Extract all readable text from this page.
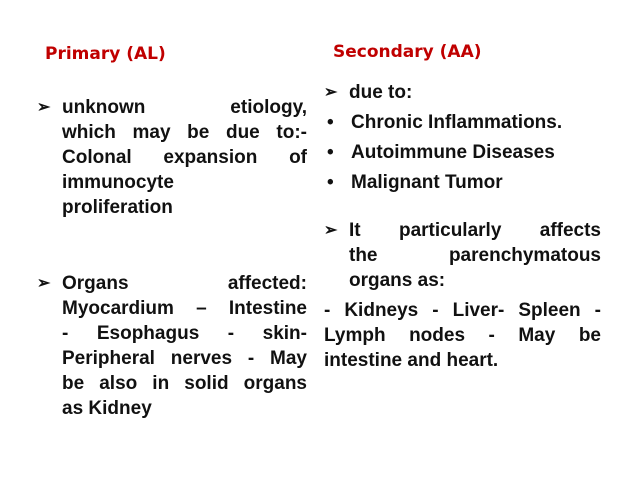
Primary (AL)	Secondary (AA)
➢ unknown etiology,
which may be due to:-
Colonal expansion of
immunocyte
proliferation
➢ Organs affected:
Myocardium – Intestine
- Esophagus - skin-
Peripheral nerves - May
be also in solid organs
as Kidney
➢ due to:
• Chronic Inflammations.
• Autoimmune Diseases
• Malignant Tumor
➢ It particularly affects
the parenchymatous
organs as:
- Kidneys - Liver- Spleen -
Lymph nodes - May be
intestine and heart.
